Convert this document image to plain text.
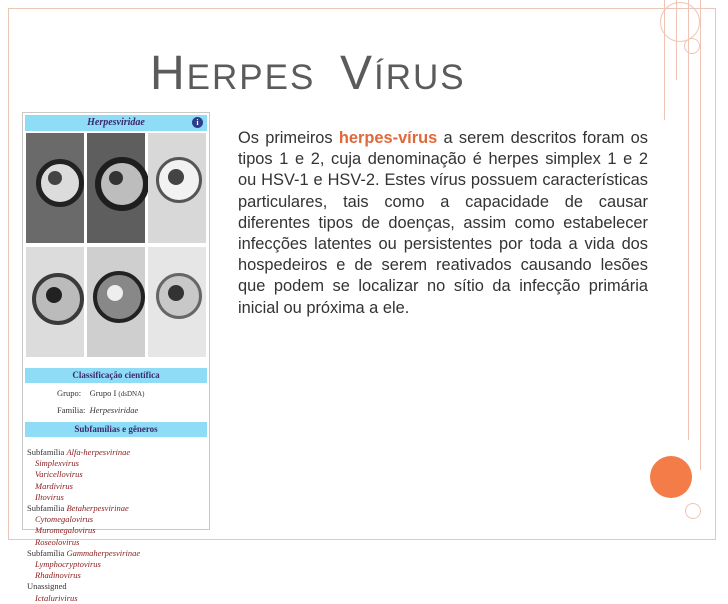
HERPES VÍRUS
Herpesviridae	i
Classificação científica
Grupo: Grupo I (dsDNA)
Família: Herpesviridae
Subfamílias e gêneros
Subfamília Alfa-herpesvirinae
Simplexvirus
Varicellovirus
Mardivirus
Iltovirus
Subfamília Betaherpesvirinae
Cytomegalovirus
Muromegalovirus
Roseolovirus
Subfamília Gammaherpesvirinae
Lymphocryptovirus
Rhadinovirus
Unassigned
Ictalurivirus
Os primeiros herpes-vírus a serem descritos foram os tipos 1 e 2, cuja denominação é herpes simplex 1 e 2 ou HSV-1 e HSV-2. Estes vírus possuem características particulares, tais como a capacidade de causar diferentes tipos de doenças, assim como estabelecer infecções latentes ou persistentes por toda a vida dos hospedeiros e de serem reativados causando lesões que podem se localizar no sítio da infecção primária inicial ou próxima a ele.
